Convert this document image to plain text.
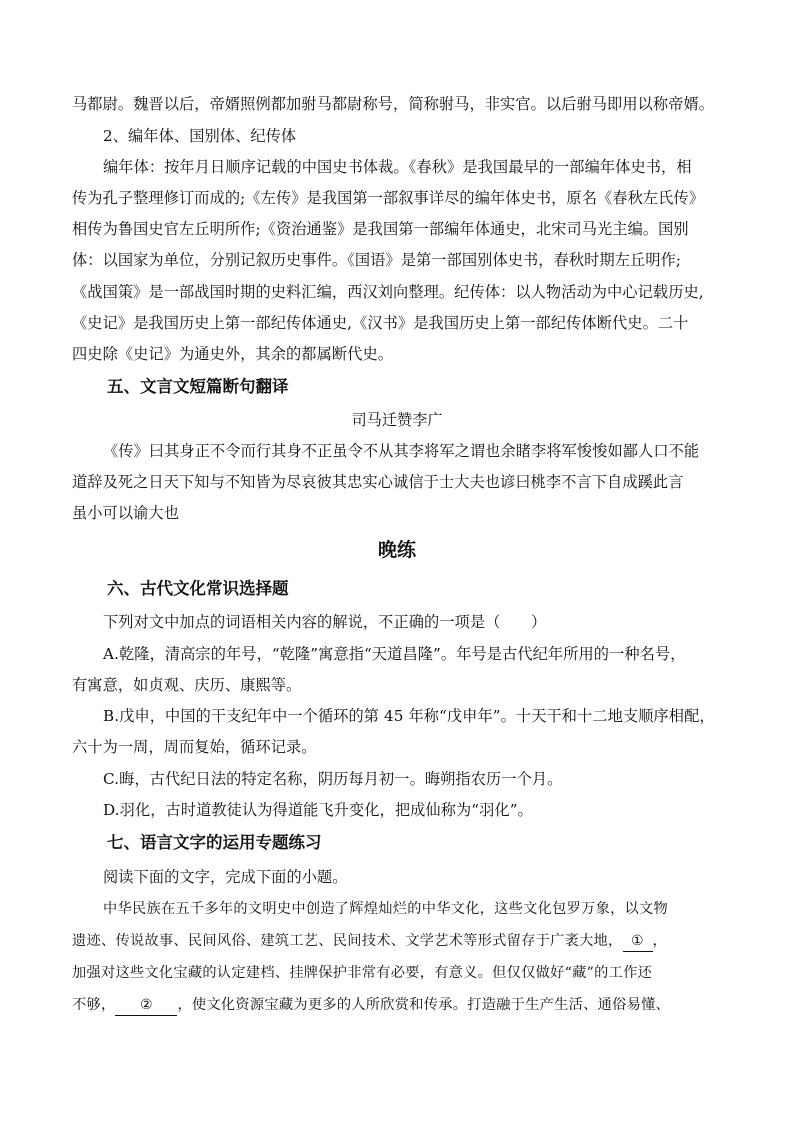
马都尉。魏晋以后，帝婿照例都加驸马都尉称号，简称驸马，非实官。以后驸马即用以称帝婿。
2、编年体、国别体、纪传体
编年体：按年月日顺序记载的中国史书体裁。《春秋》是我国最早的一部编年体史书，相
传为孔子整理修订而成的;《左传》是我国第一部叙事详尽的编年体史书，原名《春秋左氏传》
相传为鲁国史官左丘明所作;《资治通鉴》是我国第一部编年体通史，北宋司马光主编。国别
体：以国家为单位，分别记叙历史事件。《国语》是第一部国别体史书，春秋时期左丘明作;
《战国策》是一部战国时期的史料汇编，西汉刘向整理。纪传体：以人物活动为中心记载历史,
《史记》是我国历史上第一部纪传体通史,《汉书》是我国历史上第一部纪传体断代史。二十
四史除《史记》为通史外，其余的都属断代史。
五、文言文短篇断句翻译
司马迁赞李广
《传》曰其身正不令而行其身不正虽令不从其李将军之谓也余睹李将军悛悛如鄙人口不能
道辞及死之日天下知与不知皆为尽哀彼其忠实心诚信于士大夫也谚曰桃李不言下自成蹊此言
虽小可以谕大也
晚练
六、古代文化常识选择题
下列对文中加点的词语相关内容的解说，不正确的一项是（　　）
A.乾隆，清高宗的年号，“乾隆”寓意指“天道昌隆”。年号是古代纪年所用的一种名号，
有寓意，如贞观、庆历、康熙等。
B.戊申，中国的干支纪年中一个循环的第 45 年称“戊申年”。十天干和十二地支顺序相配，
六十为一周，周而复始，循环记录。
C.晦，古代纪日法的特定名称，阴历每月初一。晦朔指农历一个月。
D.羽化，古时道教徒认为得道能飞升变化，把成仙称为“羽化”。
七、语言文字的运用专题练习
阅读下面的文字，完成下面的小题。
中华民族在五千多年的文明史中创造了辉煌灿烂的中华文化，这些文化包罗万象，以文物
遗迹、传说故事、民间风俗、建筑工艺、民间技术、文学艺术等形式留存于广袤大地， ① ，
加强对这些文化宝藏的认定建档、挂牌保护非常有必要，有意义。但仅仅做好“藏”的工作还
不够， ② ，使文化资源宝藏为更多的人所欣赏和传承。打造融于生产生活、通俗易懂、
